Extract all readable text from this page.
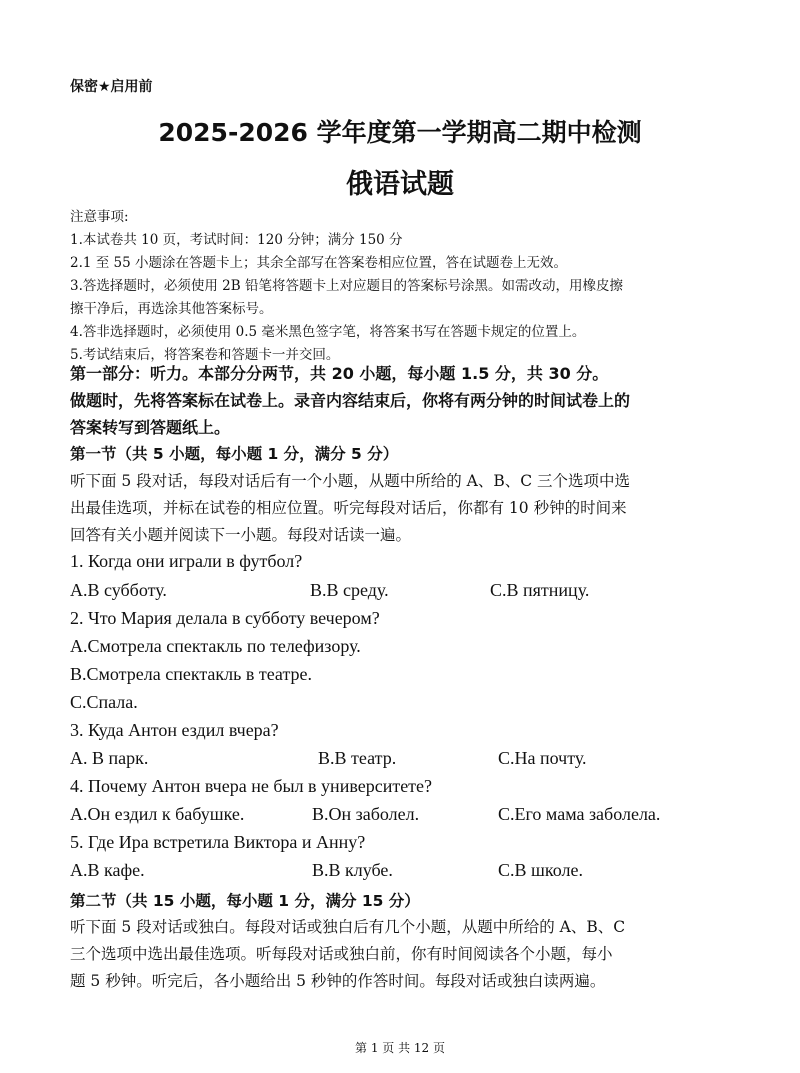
保密★启用前
2025-2026 学年度第一学期高二期中检测
俄语试题
注意事项:
1.本试卷共 10 页，考试时间：120 分钟；满分 150 分
2.1 至 55 小题涂在答题卡上；其余全部写在答案卷相应位置，答在试题卷上无效。
3.答选择题时，必须使用 2B 铅笔将答题卡上对应题目的答案标号涂黑。如需改动，用橡皮擦
擦干净后，再选涂其他答案标号。
4.答非选择题时，必须使用 0.5 毫米黑色签字笔，将答案书写在答题卡规定的位置上。
5.考试结束后，将答案卷和答题卡一并交回。
第一部分：听力。本部分分两节，共 20 小题，每小题 1.5 分，共 30 分。
做题时，先将答案标在试卷上。录音内容结束后，你将有两分钟的时间试卷上的
答案转写到答题纸上。
第一节（共 5 小题，每小题 1 分，满分 5 分）
听下面 5 段对话，每段对话后有一个小题，从题中所给的 A、B、C 三个选项中选
出最佳选项，并标在试卷的相应位置。听完每段对话后，你都有 10 秒钟的时间来
回答有关小题并阅读下一小题。每段对话读一遍。
1. Когда они играли в футбол?
A.В субботу.	B.В среду.	C.В пятницу.
2. Что Мария делала в субботу вечером?
A.Смотрела спектакль по телефизору.
B.Смотрела спектакль в театре.
C.Спала.
3. Куда Антон ездил вчера?
A. В парк.	B.В театр.	C.На почту.
4. Почему Антон вчера не был в университете?
A.Он ездил к бабушке.	B.Он заболел.	C.Его мама заболела.
5. Где Ира встретила Виктора и Анну?
A.В кафе.	B.В клубе.	C.В школе.
第二节（共 15 小题，每小题 1 分，满分 15 分）
听下面 5 段对话或独白。每段对话或独白后有几个小题，从题中所给的 A、B、C
三个选项中选出最佳选项。听每段对话或独白前，你有时间阅读各个小题，每小
题 5 秒钟。听完后，各小题给出 5 秒钟的作答时间。每段对话或独白读两遍。
第 1 页 共 12 页
